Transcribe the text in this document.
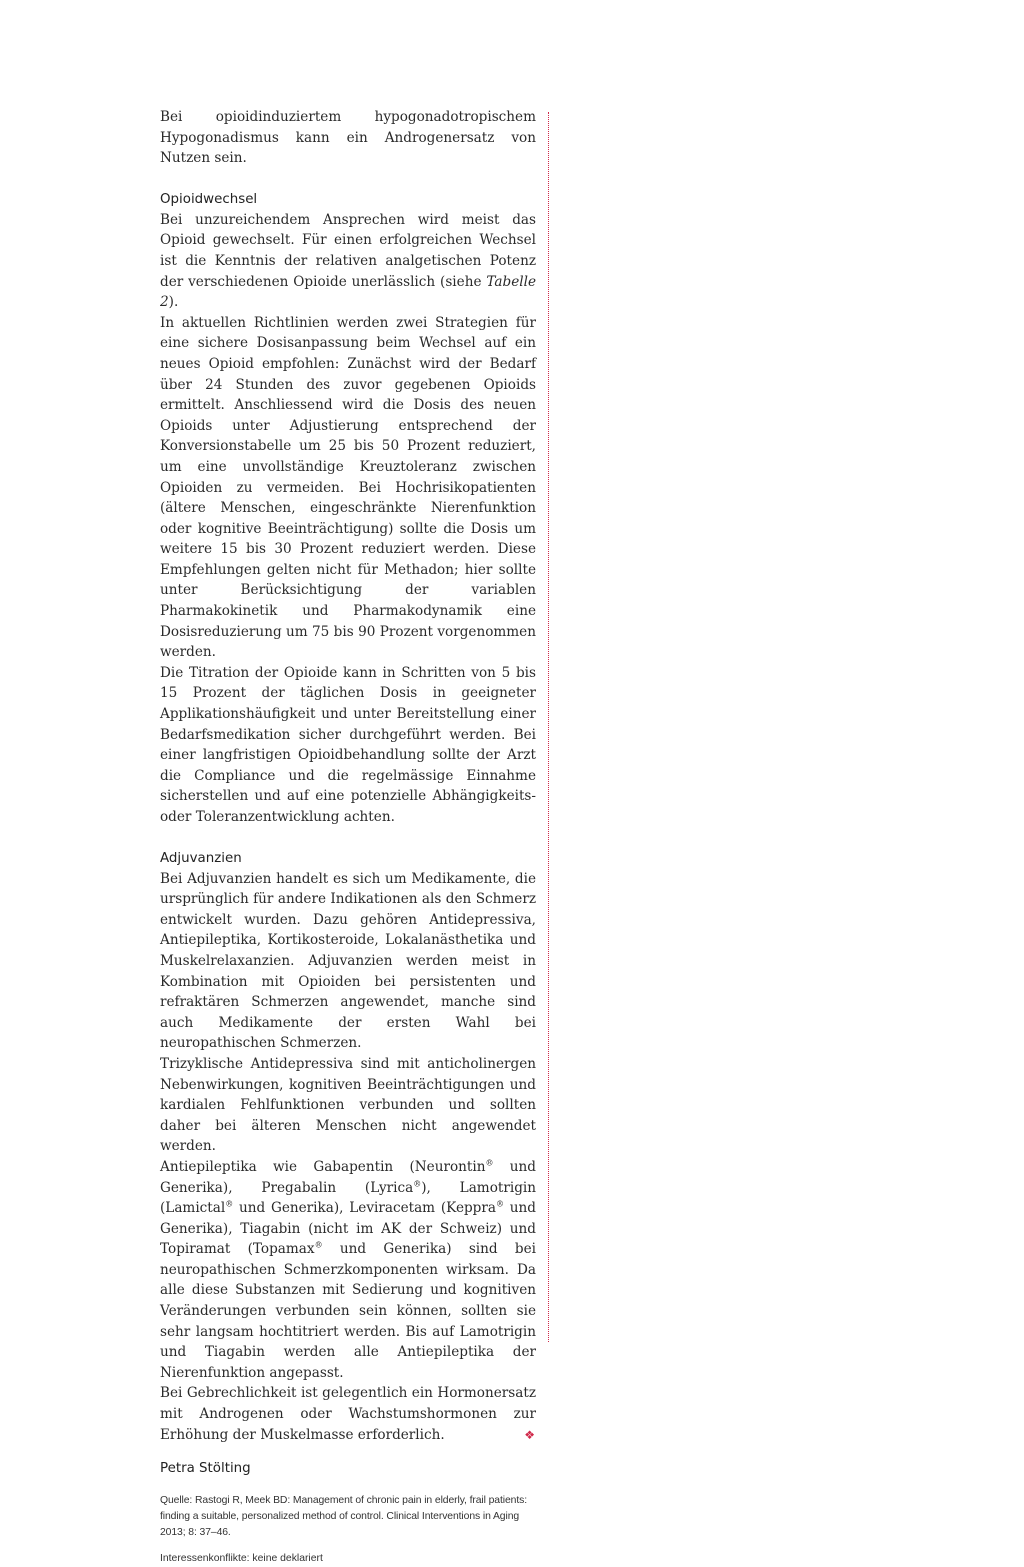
Bei opioidinduziertem hypogonadotropischem Hypogonadismus kann ein Androgenersatz von Nutzen sein.

Opioidwechsel

Bei unzureichendem Ansprechen wird meist das Opioid gewechselt. Für einen erfolgreichen Wechsel ist die Kenntnis der relativen analgetischen Potenz der verschiedenen Opioide unerlässlich (siehe Tabelle 2).

In aktuellen Richtlinien werden zwei Strategien für eine sichere Dosisanpassung beim Wechsel auf ein neues Opioid empfohlen: Zunächst wird der Bedarf über 24 Stunden des zuvor gegebenen Opioids ermittelt. Anschliessend wird die Dosis des neuen Opioids unter Adjustierung entsprechend der Konversionstabelle um 25 bis 50 Prozent reduziert, um eine unvollständige Kreuztoleranz zwischen Opioiden zu vermeiden. Bei Hochrisikopatienten (ältere Menschen, eingeschränkte Nierenfunktion oder kognitive Beeinträchtigung) sollte die Dosis um weitere 15 bis 30 Prozent reduziert werden. Diese Empfehlungen gelten nicht für Methadon; hier sollte unter Berücksichtigung der variablen Pharmakokinetik und Pharmakodynamik eine Dosisreduzierung um 75 bis 90 Prozent vorgenommen werden.

Die Titration der Opioide kann in Schritten von 5 bis 15 Prozent der täglichen Dosis in geeigneter Applikationshäufigkeit und unter Bereitstellung einer Bedarfsmedikation sicher durchgeführt werden. Bei einer langfristigen Opioidbehandlung sollte der Arzt die Compliance und die regelmässige Einnahme sicherstellen und auf eine potenzielle Abhängigkeits- oder Toleranzentwicklung achten.

Adjuvanzien

Bei Adjuvanzien handelt es sich um Medikamente, die ursprünglich für andere Indikationen als den Schmerz entwickelt wurden. Dazu gehören Antidepressiva, Antiepileptika, Kortikosteroide, Lokalanästhetika und Muskelrelaxanzien. Adjuvanzien werden meist in Kombination mit Opioiden bei persistenten und refraktären Schmerzen angewendet, manche sind auch Medikamente der ersten Wahl bei neuropathischen Schmerzen.

Trizyklische Antidepressiva sind mit anticholinergen Nebenwirkungen, kognitiven Beeinträchtigungen und kardialen Fehlfunktionen verbunden und sollten daher bei älteren Menschen nicht angewendet werden.

Antiepileptika wie Gabapentin (Neurontin® und Generika), Pregabalin (Lyrica®), Lamotrigin (Lamictal® und Generika), Leviracetam (Keppra® und Generika), Tiagabin (nicht im AK der Schweiz) und Topiramat (Topamax® und Generika) sind bei neuropathischen Schmerzkomponenten wirksam. Da alle diese Substanzen mit Sedierung und kognitiven Veränderungen verbunden sein können, sollten sie sehr langsam hochtitriert werden. Bis auf Lamotrigin und Tiagabin werden alle Antiepileptika der Nierenfunktion angepasst.

Bei Gebrechlichkeit ist gelegentlich ein Hormonersatz mit Androgenen oder Wachstumshormonen zur Erhöhung der Muskelmasse erforderlich.	❖

Petra Stölting
Quelle: Rastogi R, Meek BD: Management of chronic pain in elderly, frail patients: finding a suitable, personalized method of control. Clinical Interventions in Aging 2013; 8: 37–46.
Interessenkonflikte: keine deklariert
